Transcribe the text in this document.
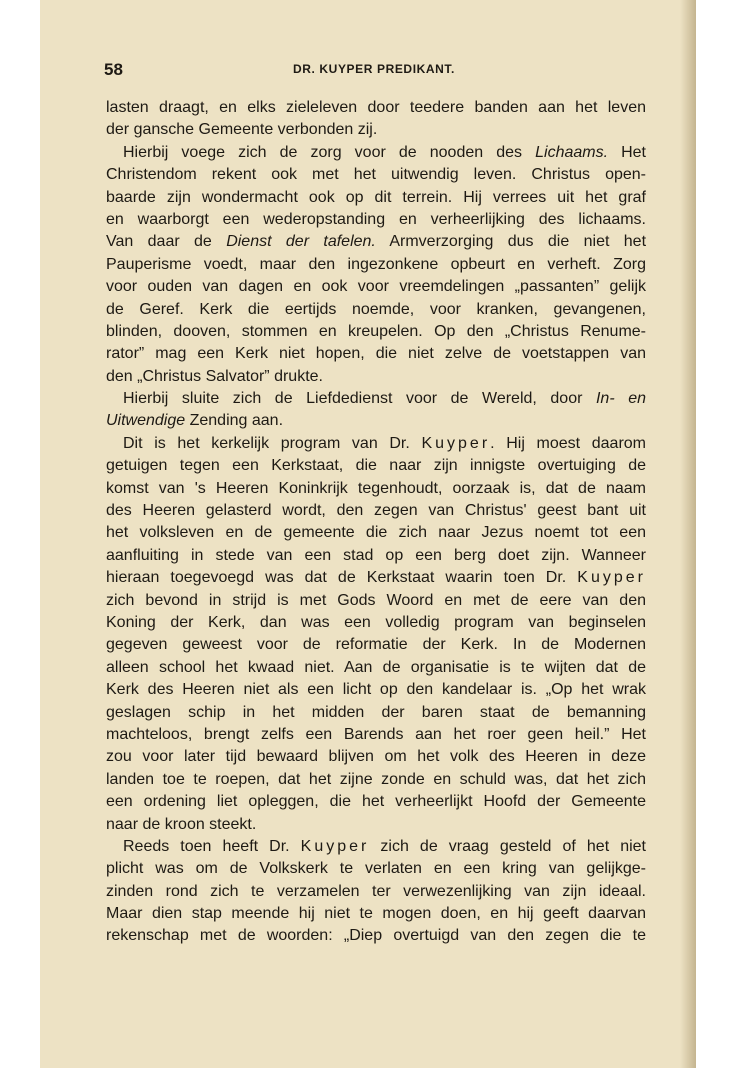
58	DR. KUYPER PREDIKANT.
lasten draagt, en elks zieleleven door teedere banden aan het leven
der gansche Gemeente verbonden zij.
Hierbij voege zich de zorg voor de nooden des Lichaams. Het
Christendom rekent ook met het uitwendig leven. Christus open-
baarde zijn wondermacht ook op dit terrein. Hij verrees uit het graf
en waarborgt een wederopstanding en verheerlijking des lichaams.
Van daar de Dienst der tafelen. Armverzorging dus die niet het
Pauperisme voedt, maar den ingezonkene opbeurt en verheft. Zorg
voor ouden van dagen en ook voor vreemdelingen „passanten” gelijk
de Geref. Kerk die eertijds noemde, voor kranken, gevangenen,
blinden, dooven, stommen en kreupelen. Op den „Christus Renume-
rator” mag een Kerk niet hopen, die niet zelve de voetstappen van
den „Christus Salvator” drukte.
Hierbij sluite zich de Liefdedienst voor de Wereld, door In- en
Uitwendige Zending aan.
Dit is het kerkelijk program van Dr. Kuyper. Hij moest daarom
getuigen tegen een Kerkstaat, die naar zijn innigste overtuiging de
komst van 's Heeren Koninkrijk tegenhoudt, oorzaak is, dat de naam
des Heeren gelasterd wordt, den zegen van Christus' geest bant uit
het volksleven en de gemeente die zich naar Jezus noemt tot een
aanfluiting in stede van een stad op een berg doet zijn. Wanneer
hieraan toegevoegd was dat de Kerkstaat waarin toen Dr. Kuyper
zich bevond in strijd is met Gods Woord en met de eere van den
Koning der Kerk, dan was een volledig program van beginselen
gegeven geweest voor de reformatie der Kerk. In de Modernen
alleen school het kwaad niet. Aan de organisatie is te wijten dat de
Kerk des Heeren niet als een licht op den kandelaar is. „Op het wrak
geslagen schip in het midden der baren staat de bemanning
machteloos, brengt zelfs een Barends aan het roer geen heil.” Het
zou voor later tijd bewaard blijven om het volk des Heeren in deze
landen toe te roepen, dat het zijne zonde en schuld was, dat het zich
een ordening liet opleggen, die het verheerlijkt Hoofd der Gemeente
naar de kroon steekt.
Reeds toen heeft Dr. Kuyper zich de vraag gesteld of het niet
plicht was om de Volkskerk te verlaten en een kring van gelijkge-
zinden rond zich te verzamelen ter verwezenlijking van zijn ideaal.
Maar dien stap meende hij niet te mogen doen, en hij geeft daarvan
rekenschap met de woorden: „Diep overtuigd van den zegen die te
